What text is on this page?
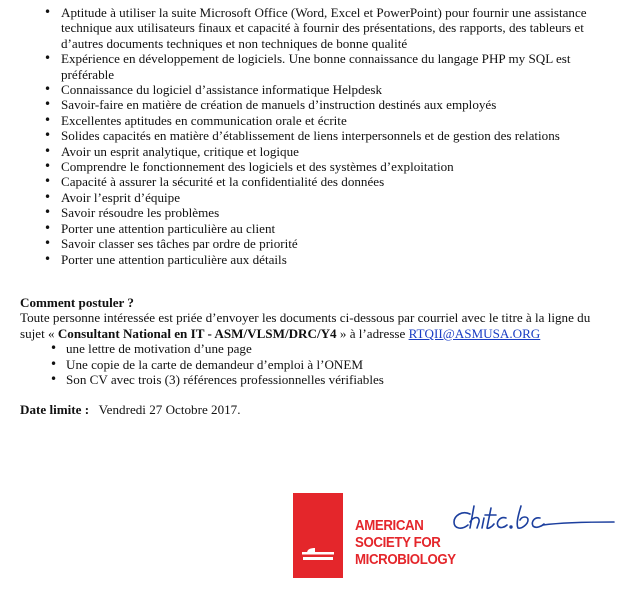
• Aptitude à utiliser la suite Microsoft Office (Word, Excel et PowerPoint) pour fournir une assistance technique aux utilisateurs finaux et capacité à fournir des présentations, des rapports, des tableurs et d’autres documents techniques et non techniques de bonne qualité
• Expérience en développement de logiciels. Une bonne connaissance du langage PHP my SQL est préférable
• Connaissance du logiciel d’assistance informatique Helpdesk
• Savoir-faire en matière de création de manuels d’instruction destinés aux employés
• Excellentes aptitudes en communication orale et écrite
• Solides capacités en matière d’établissement de liens interpersonnels et de gestion des relations
• Avoir un esprit analytique, critique et logique
• Comprendre le fonctionnement des logiciels et des systèmes d’exploitation
• Capacité à assurer la sécurité et la confidentialité des données
• Avoir l’esprit d’équipe
• Savoir résoudre les problèmes
• Porter une attention particulière au client
• Savoir classer ses tâches par ordre de priorité
• Porter une attention particulière aux détails

Comment postuler ?

Toute personne intéressée est priée d’envoyer les documents ci-dessous par courriel avec le titre à la ligne du sujet « Consultant National en IT - ASM/VLSM/DRC/Y4 » à l’adresse RTQII@ASMUSA.ORG

• une lettre de motivation d’une page
• Une copie de la carte de demandeur d’emploi à l’ONEM
• Son CV avec trois (3) références professionnelles vérifiables
Date limite : Vendredi 27 Octobre 2017.
AMERICAN
SOCIETY FOR
MICROBIOLOGY
